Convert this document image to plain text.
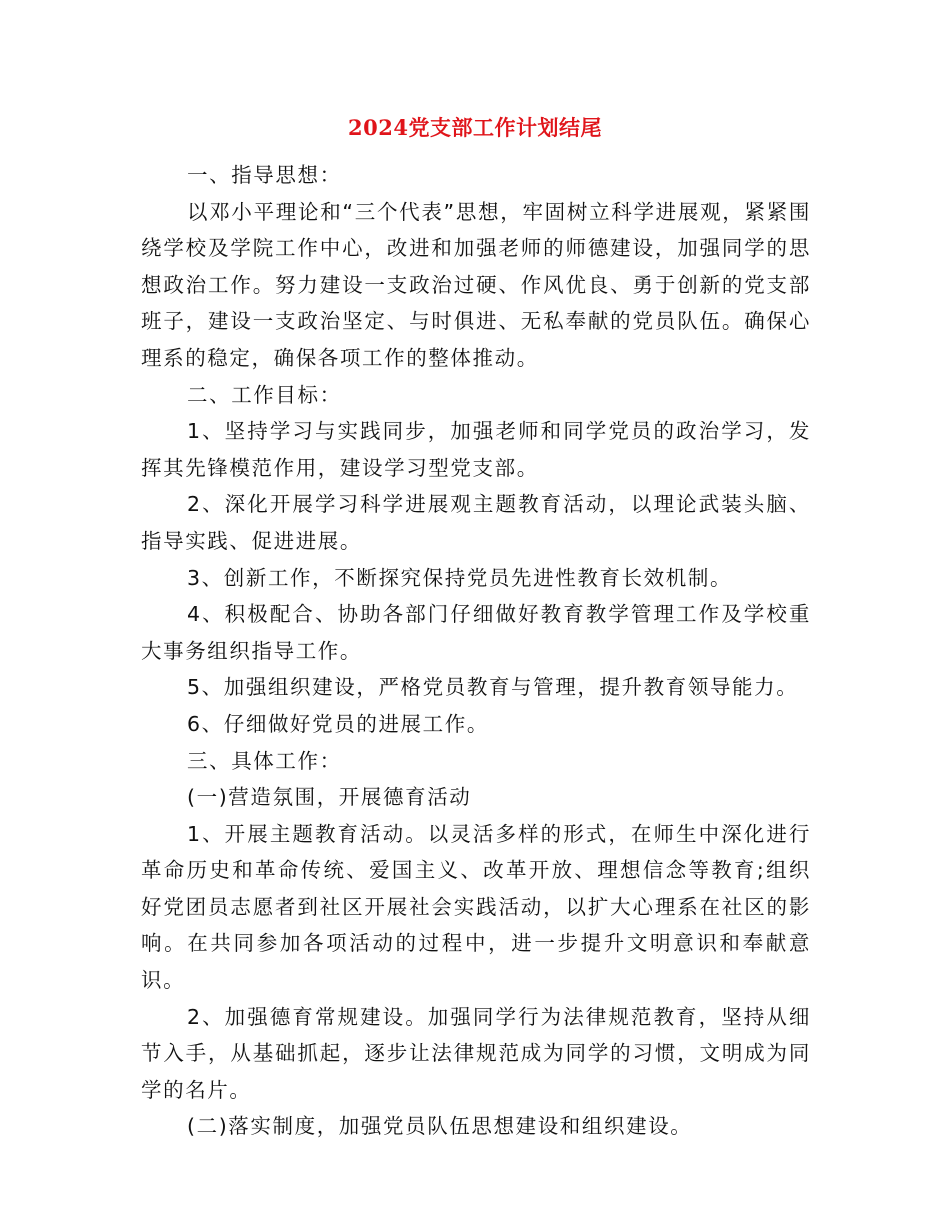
2024党支部工作计划结尾

一、指导思想：

以邓小平理论和“三个代表”思想，牢固树立科学进展观，紧紧围绕学校及学院工作中心，改进和加强老师的师德建设，加强同学的思想政治工作。努力建设一支政治过硬、作风优良、勇于创新的党支部班子，建设一支政治坚定、与时俱进、无私奉献的党员队伍。确保心理系的稳定，确保各项工作的整体推动。

二、工作目标：

1、坚持学习与实践同步，加强老师和同学党员的政治学习，发挥其先锋模范作用，建设学习型党支部。

2、深化开展学习科学进展观主题教育活动，以理论武装头脑、指导实践、促进进展。

3、创新工作，不断探究保持党员先进性教育长效机制。

4、积极配合、协助各部门仔细做好教育教学管理工作及学校重大事务组织指导工作。

5、加强组织建设，严格党员教育与管理，提升教育领导能力。

6、仔细做好党员的进展工作。

三、具体工作：

(一)营造氛围，开展德育活动

1、开展主题教育活动。以灵活多样的形式，在师生中深化进行革命历史和革命传统、爱国主义、改革开放、理想信念等教育;组织好党团员志愿者到社区开展社会实践活动，以扩大心理系在社区的影响。在共同参加各项活动的过程中，进一步提升文明意识和奉献意识。

2、加强德育常规建设。加强同学行为法律规范教育，坚持从细节入手，从基础抓起，逐步让法律规范成为同学的习惯，文明成为同学的名片。

(二)落实制度，加强党员队伍思想建设和组织建设。
